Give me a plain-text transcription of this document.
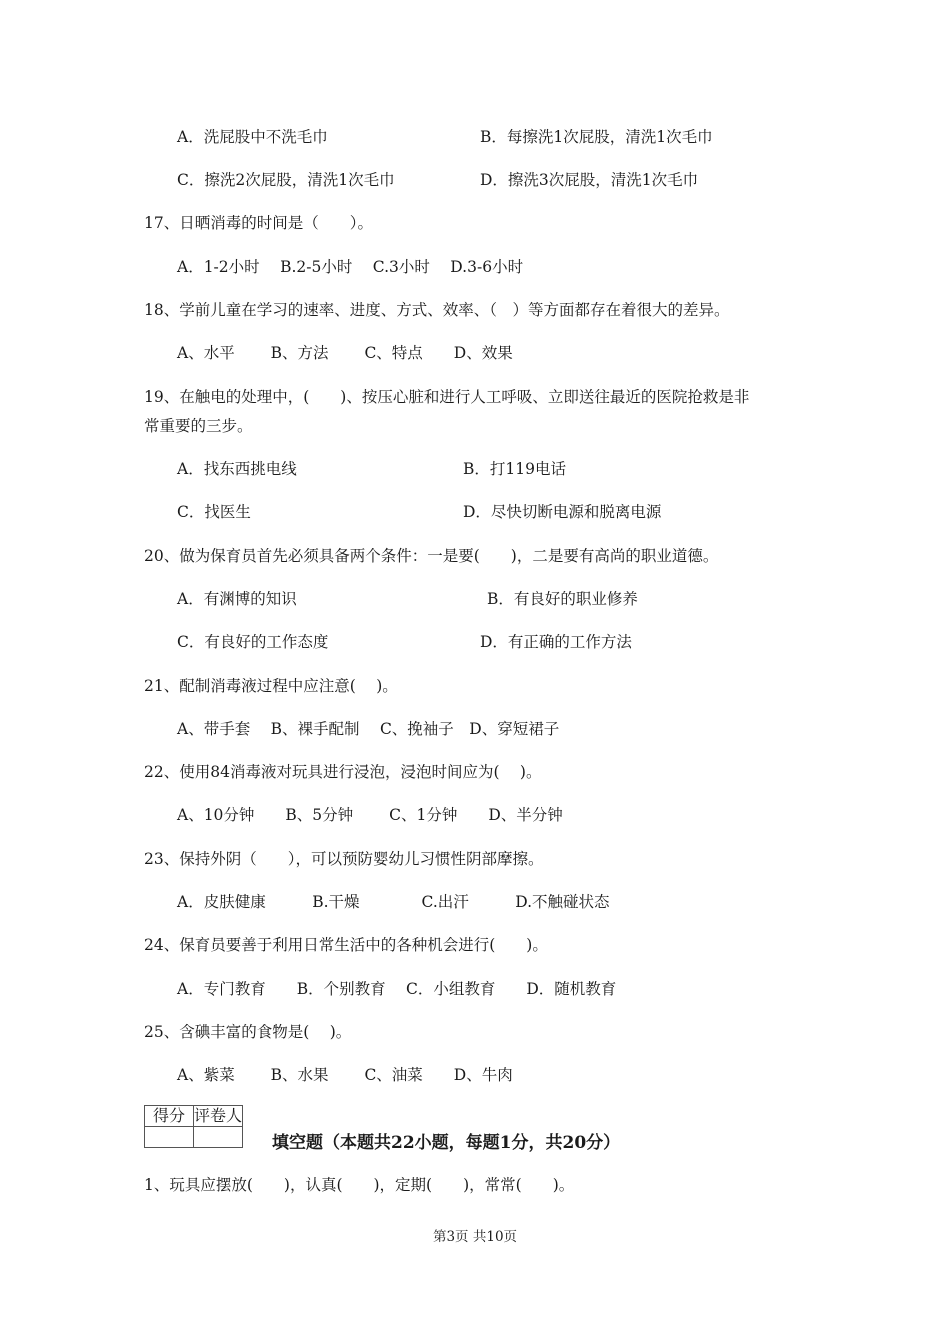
A．洗屁股中不洗毛巾	B．每擦洗1次屁股，清洗1次毛巾
C．擦洗2次屁股，清洗1次毛巾	D．擦洗3次屁股，清洗1次毛巾
17、日晒消毒的时间是（　　）。
A．1-2小时　 B.2-5小时　 C.3小时　 D.3-6小时
18、学前儿童在学习的速率、进度、方式、效率、（　）等方面都存在着很大的差异。
A、水平　　 B、方法　　 C、特点　　D、效果
19、在触电的处理中，(　　)、按压心脏和进行人工呼吸、立即送往最近的医院抢救是非
常重要的三步。
A．找东西挑电线	B．打119电话
C．找医生	D．尽快切断电源和脱离电源
20、做为保育员首先必须具备两个条件：一是要(　　)，二是要有高尚的职业道德。
A．有渊博的知识	B．有良好的职业修养
C．有良好的工作态度	D．有正确的工作方法
21、配制消毒液过程中应注意(　 )。
A、带手套　 B、裸手配制　 C、挽袖子　D、穿短裙子
22、使用84消毒液对玩具进行浸泡，浸泡时间应为(　 )。
A、10分钟　　B、5分钟　　 C、1分钟　　D、半分钟
23、保持外阴（　　），可以预防婴幼儿习惯性阴部摩擦。
A．皮肤健康　　　B.干燥　　　　C.出汗　　　D.不触碰状态
24、保育员要善于利用日常生活中的各种机会进行(　　)。
A．专门教育　　B．个别教育　 C．小组教育　　D．随机教育
25、含碘丰富的食物是(　 )。
A、紫菜　　 B、水果　　 C、油菜　　D、牛肉
得分	评卷人

填空题（本题共22小题，每题1分，共20分）
1、玩具应摆放(　　)，认真(　　)，定期(　　)，常常(　　)。
第3页 共10页
